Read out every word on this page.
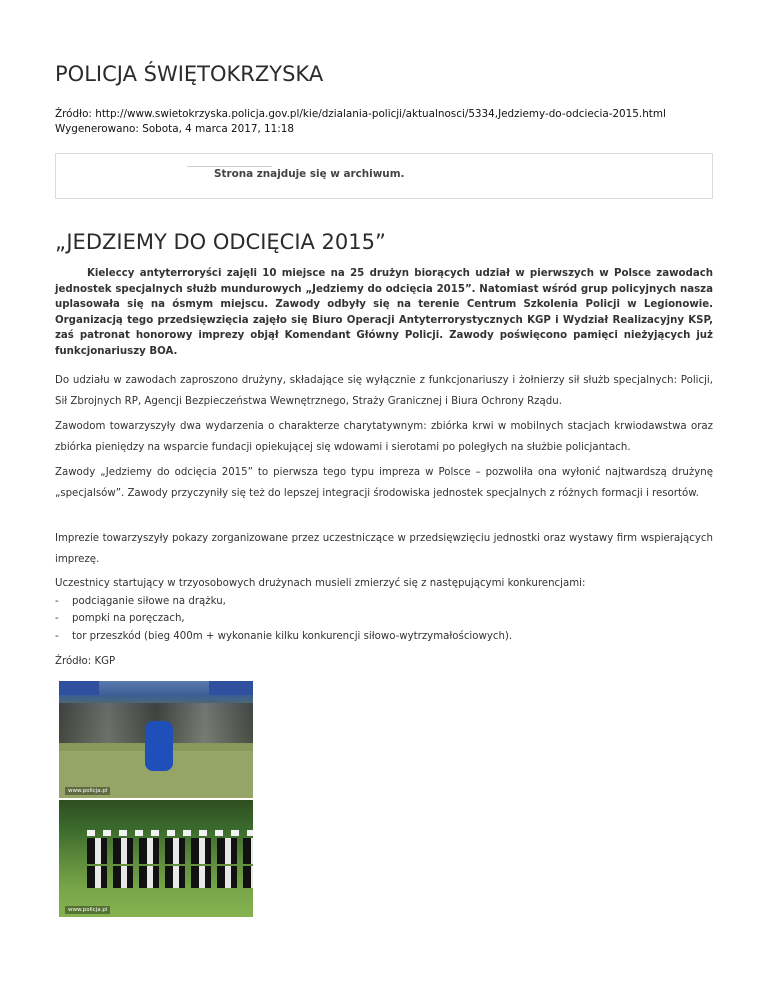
POLICJA ŚWIĘTOKRZYSKA
Źródło: http://www.swietokrzyska.policja.gov.pl/kie/dzialania-policji/aktualnosci/5334,Jedziemy-do-odciecia-2015.html
Wygenerowano: Sobota, 4 marca 2017, 11:18
Strona znajduje się w archiwum.
„JEDZIEMY DO ODCIĘCIA 2015”

Kieleccy antyterroryści zajęli 10 miejsce na 25 drużyn biorących udział w pierwszych w Polsce zawodach jednostek specjalnych służb mundurowych „Jedziemy do odcięcia 2015”. Natomiast wśród grup policyjnych nasza uplasowała się na ósmym miejscu. Zawody odbyły się na terenie Centrum Szkolenia Policji w Legionowie. Organizacją tego przedsięwzięcia zajęło się Biuro Operacji Antyterrorystycznych KGP i Wydział Realizacyjny KSP, zaś patronat honorowy imprezy objął Komendant Główny Policji. Zawody poświęcono pamięci nieżyjących już funkcjonariuszy BOA.

Do udziału w zawodach zaproszono drużyny, składające się wyłącznie z funkcjonariuszy i żołnierzy sił służb specjalnych: Policji, Sił Zbrojnych RP, Agencji Bezpieczeństwa Wewnętrznego, Straży Granicznej i Biura Ochrony Rządu.

Zawodom towarzyszyły dwa wydarzenia o charakterze charytatywnym: zbiórka krwi w mobilnych stacjach krwiodawstwa oraz zbiórka pieniędzy na wsparcie fundacji opiekującej się wdowami i sierotami po poległych na służbie policjantach.

Zawody „Jedziemy do odcięcia 2015” to pierwsza tego typu impreza w Polsce – pozwoliła ona wyłonić najtwardszą drużynę „specjalsów”. Zawody przyczyniły się też do lepszej integracji środowiska jednostek specjalnych z różnych formacji i resortów.

Imprezie towarzyszyły pokazy zorganizowane przez uczestniczące w przedsięwzięciu jednostki oraz wystawy firm wspierających imprezę.

Uczestnicy startujący w trzyosobowych drużynach musieli zmierzyć się z następującymi konkurencjami:
- podciąganie siłowe na drążku,
- pompki na poręczach,
- tor przeszkód (bieg 400m + wykonanie kilku konkurencji siłowo-wytrzymałościowych).

Źródło: KGP

www.policja.pl
www.policja.pl
